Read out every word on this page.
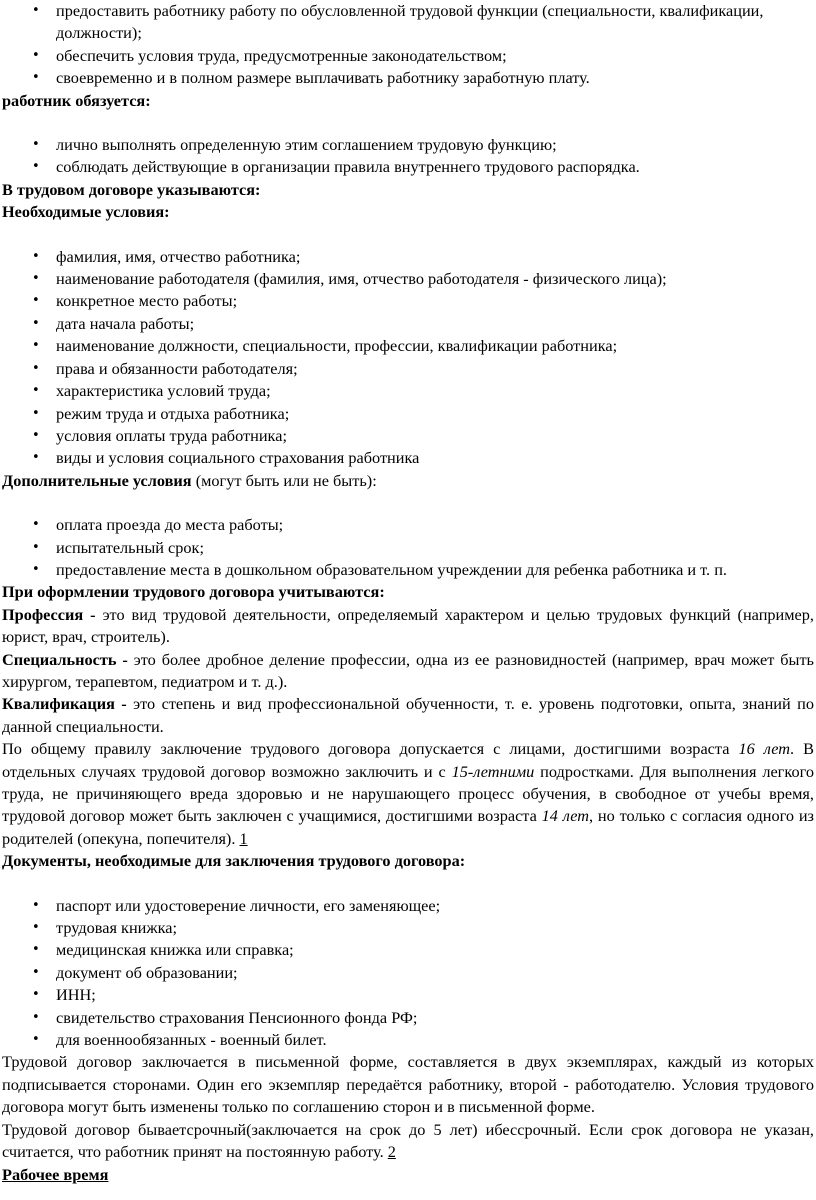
• предоставить работнику работу по обусловленной трудовой функции (специальности, квалификации, должности);
• обеспечить условия труда, предусмотренные законодательством;
• своевременно и в полном размере выплачивать работнику заработную плату.
работник обязуется:
• лично выполнять определенную этим соглашением трудовую функцию;
• соблюдать действующие в организации правила внутреннего трудового распорядка.
В трудовом договоре указываются:
Необходимые условия:
• фамилия, имя, отчество работника;
• наименование работодателя (фамилия, имя, отчество работодателя - физического лица);
• конкретное место работы;
• дата начала работы;
• наименование должности, специальности, профессии, квалификации работника;
• права и обязанности работодателя;
• характеристика условий труда;
• режим труда и отдыха работника;
• условия оплаты труда работника;
• виды и условия социального страхования работника
Дополнительные условия (могут быть или не быть):
• оплата проезда до места работы;
• испытательный срок;
• предоставление места в дошкольном образовательном учреждении для ребенка работника и т. п.
При оформлении трудового договора учитываются:

Профессия - это вид трудовой деятельности, определяемый характером и целью трудовых функций (например, юрист, врач, строитель).

Специальность - это более дробное деление профессии, одна из ее разновидностей (например, врач может быть хирургом, терапевтом, педиатром и т. д.).

Квалификация - это степень и вид профессиональной обученности, т. е. уровень подготовки, опыта, знаний по данной специальности.

По общему правилу заключение трудового договора допускается с лицами, достигшими возраста 16 лет. В отдельных случаях трудовой договор возможно заключить и с 15-летними подростками. Для выполнения легкого труда, не причиняющего вреда здоровью и не нарушающего процесс обучения, в свободное от учебы время, трудовой договор может быть заключен с учащимися, достигшими возраста 14 лет, но только с согласия одного из родителей (опекуна, попечителя). 1

Документы, необходимые для заключения трудового договора:
• паспорт или удостоверение личности, его заменяющее;
• трудовая книжка;
• медицинская книжка или справка;
• документ об образовании;
• ИНН;
• свидетельство страхования Пенсионного фонда РФ;
• для военнообязанных - военный билет.

Трудовой договор заключается в письменной форме, составляется в двух экземплярах, каждый из которых подписывается сторонами. Один его экземпляр передаётся работнику, второй - работодателю. Условия трудового договора могут быть изменены только по соглашению сторон и в письменной форме.

Трудовой договор бываетсрочный(заключается на срок до 5 лет) ибессрочный. Если срок договора не указан, считается, что работник принят на постоянную работу. 2

Рабочее время
